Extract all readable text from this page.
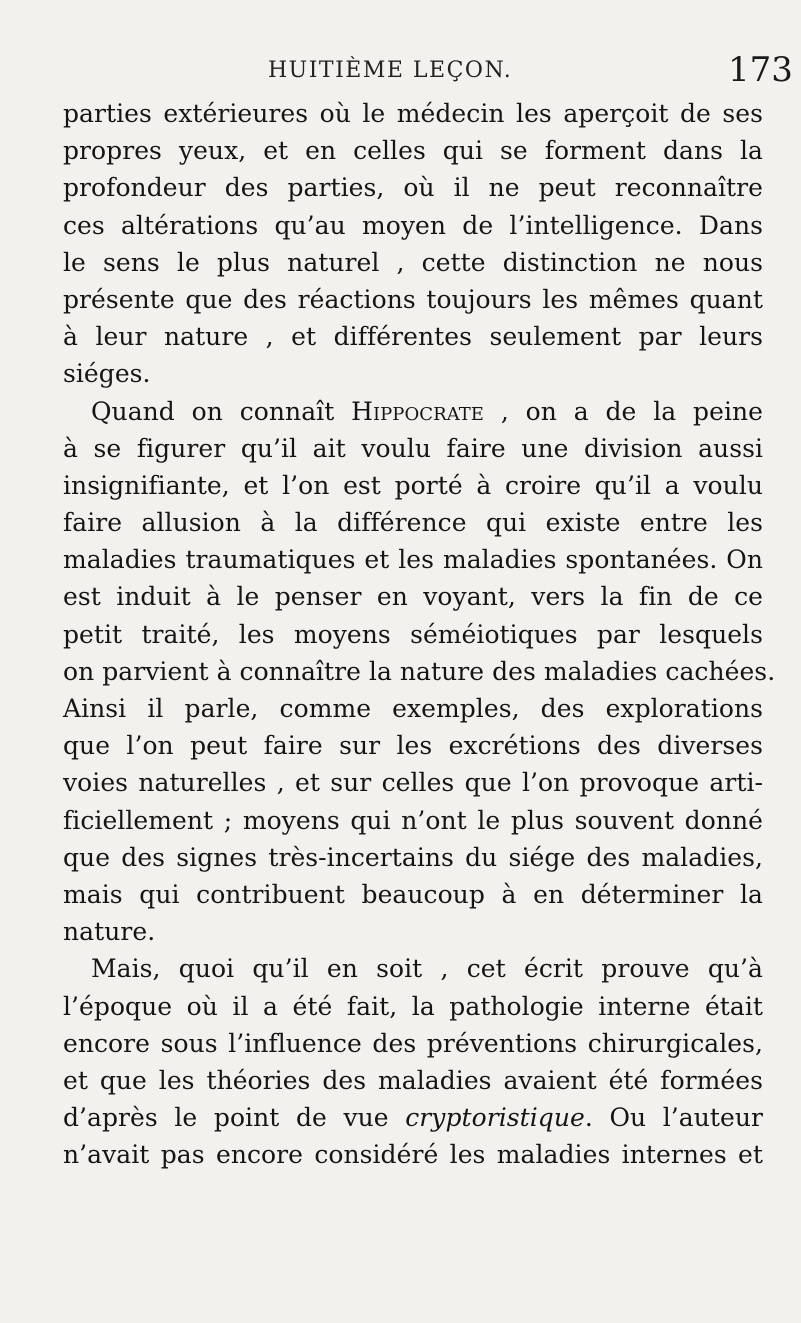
HUITIÈME LEÇON.	173
parties extérieures où le médecin les aperçoit de ses
propres yeux, et en celles qui se forment dans la
profondeur des parties, où il ne peut reconnaître
ces altérations qu’au moyen de l’intelligence. Dans
le sens le plus naturel , cette distinction ne nous
présente que des réactions toujours les mêmes quant
à leur nature , et différentes seulement par leurs
siéges.
Quand on connaît Hippocrate , on a de la peine
à se figurer qu’il ait voulu faire une division aussi
insignifiante, et l’on est porté à croire qu’il a voulu
faire allusion à la différence qui existe entre les
maladies traumatiques et les maladies spontanées. On
est induit à le penser en voyant, vers la fin de ce
petit traité, les moyens séméiotiques par lesquels
on parvient à connaître la nature des maladies cachées.
Ainsi il parle, comme exemples, des explorations
que l’on peut faire sur les excrétions des diverses
voies naturelles , et sur celles que l’on provoque arti-
ficiellement ; moyens qui n’ont le plus souvent donné
que des signes très-incertains du siége des maladies,
mais qui contribuent beaucoup à en déterminer la
nature.
Mais, quoi qu’il en soit , cet écrit prouve qu’à
l’époque où il a été fait, la pathologie interne était
encore sous l’influence des préventions chirurgicales,
et que les théories des maladies avaient été formées
d’après le point de vue cryptoristique. Ou l’auteur
n’avait pas encore considéré les maladies internes et
